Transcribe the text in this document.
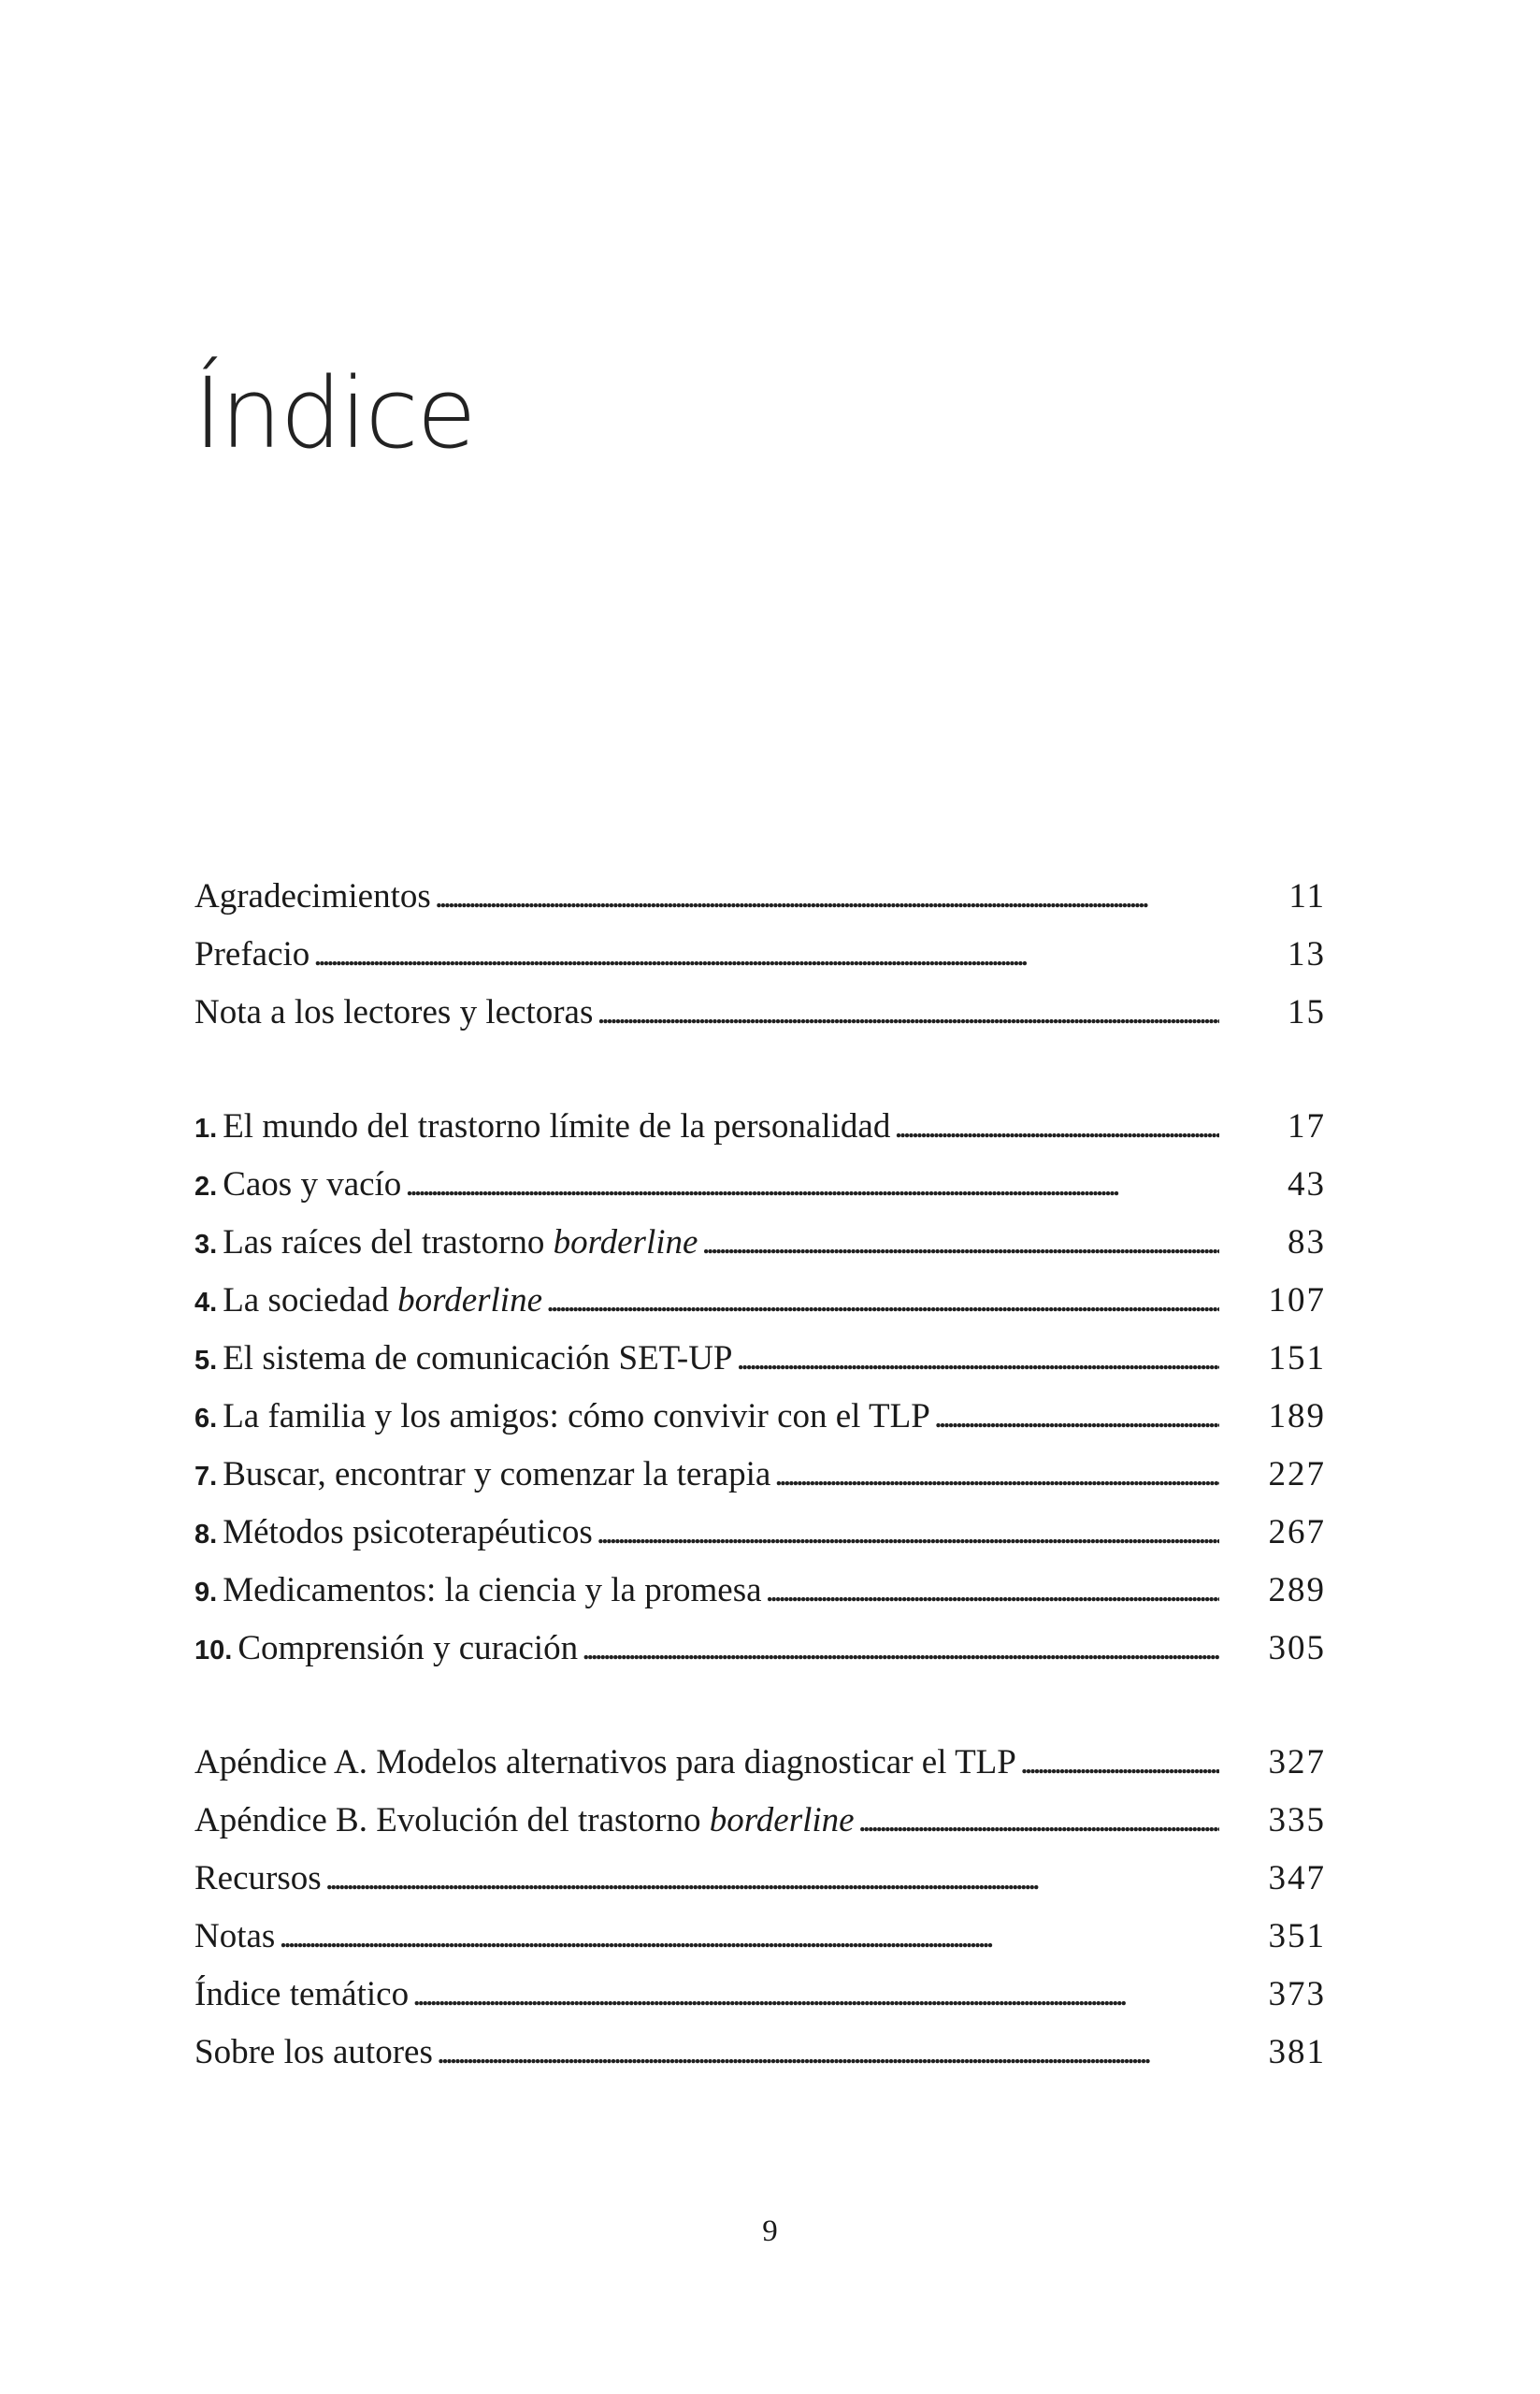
Índice
Agradecimientos . . .	11
Prefacio . . .	13
Nota a los lectores y lectoras . . .	15
1. El mundo del trastorno límite de la personalidad . . .	17
2. Caos y vacío . . .	43
3. Las raíces del trastorno borderline . . .	83
4. La sociedad borderline . . .	107
5. El sistema de comunicación SET-UP . . .	151
6. La familia y los amigos: cómo convivir con el TLP . . .	189
7. Buscar, encontrar y comenzar la terapia . . .	227
8. Métodos psicoterapéuticos . . .	267
9. Medicamentos: la ciencia y la promesa . . .	289
10. Comprensión y curación . . .	305
Apéndice A. Modelos alternativos para diagnosticar el TLP . . .	327
Apéndice B. Evolución del trastorno borderline . . .	335
Recursos . . .	347
Notas . . .	351
Índice temático . . .	373
Sobre los autores . . .	381
9
